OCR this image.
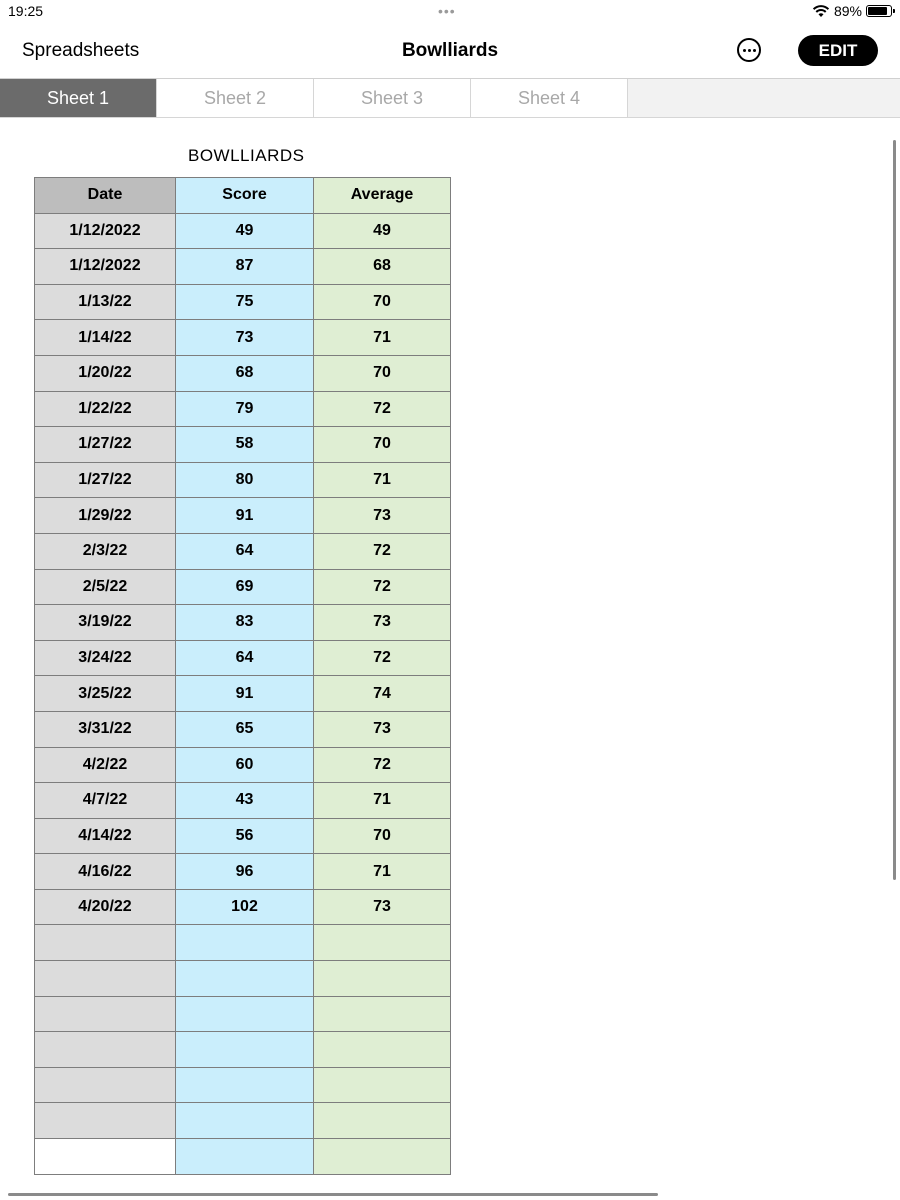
19:25	•••	89%
Spreadsheets	Bowlliards	EDIT
Sheet 1	Sheet 2	Sheet 3	Sheet 4
BOWLLIARDS
Date	Score	Average
1/12/2022	49	49
1/12/2022	87	68
1/13/22	75	70
1/14/22	73	71
1/20/22	68	70
1/22/22	79	72
1/27/22	58	70
1/27/22	80	71
1/29/22	91	73
2/3/22	64	72
2/5/22	69	72
3/19/22	83	73
3/24/22	64	72
3/25/22	91	74
3/31/22	65	73
4/2/22	60	72
4/7/22	43	71
4/14/22	56	70
4/16/22	96	71
4/20/22	102	73
